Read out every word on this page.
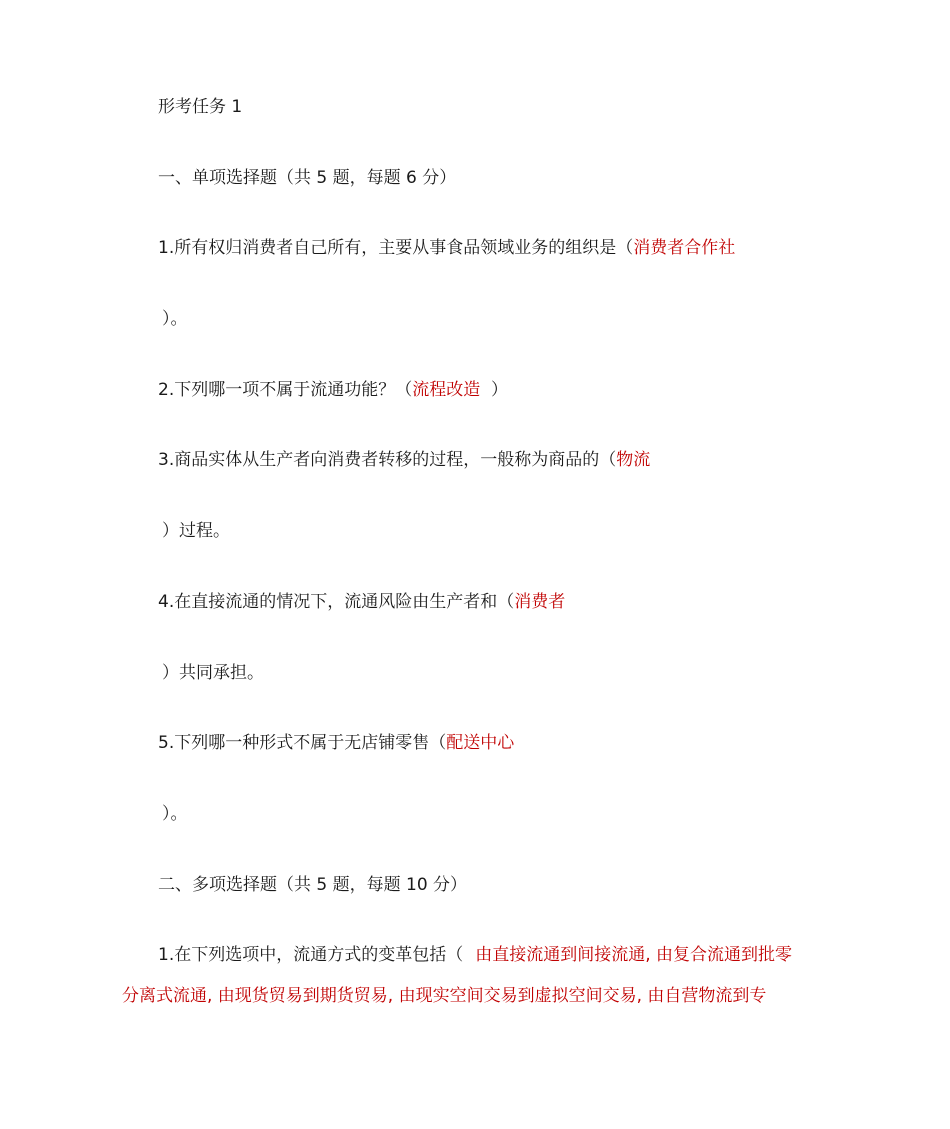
形考任务 1
一、单项选择题（共 5 题，每题 6 分）
1.所有权归消费者自己所有，主要从事食品领域业务的组织是（消费者合作社
）。
2.下列哪一项不属于流通功能？（流程改造  ）
3.商品实体从生产者向消费者转移的过程，一般称为商品的（物流
）过程。
4.在直接流通的情况下，流通风险由生产者和（消费者
）共同承担。
5.下列哪一种形式不属于无店铺零售（配送中心
）。
二、多项选择题（共 5 题，每题 10 分）
1.在下列选项中，流通方式的变革包括（ 由直接流通到间接流通, 由复合流通到批零
分离式流通, 由现货贸易到期货贸易, 由现实空间交易到虚拟空间交易, 由自营物流到专
